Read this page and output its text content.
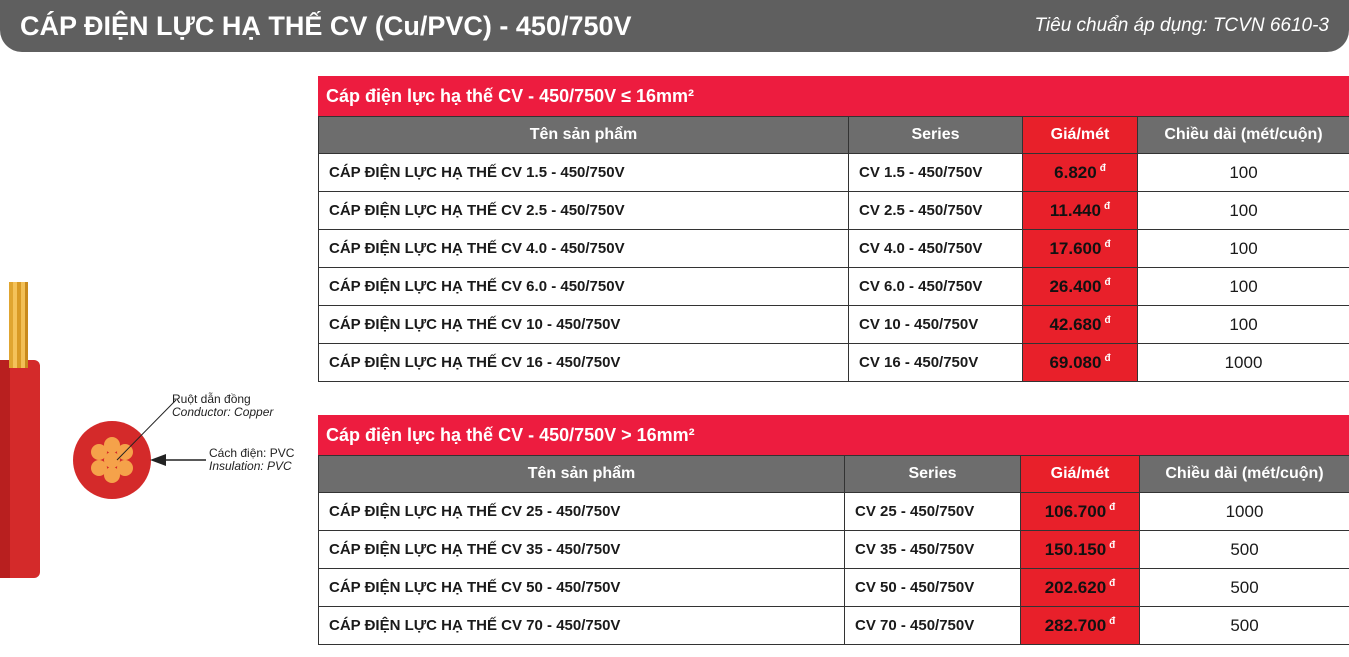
CÁP ĐIỆN LỰC HẠ THẾ CV (Cu/PVC) - 450/750V	Tiêu chuẩn áp dụng: TCVN 6610-3
Ruột dẫn đồng
Conductor: Copper
Cách điện: PVC
Insulation: PVC
Cáp điện lực hạ thế CV - 450/750V ≤ 16mm²
Tên sản phẩm	Series	Giá/mét	Chiều dài (mét/cuộn)
CÁP ĐIỆN LỰC HẠ THẾ CV 1.5 - 450/750V	CV 1.5 - 450/750V	6.820 $^đ$	100
CÁP ĐIỆN LỰC HẠ THẾ CV 2.5 - 450/750V	CV 2.5 - 450/750V	11.440 $^đ$	100
CÁP ĐIỆN LỰC HẠ THẾ CV 4.0 - 450/750V	CV 4.0 - 450/750V	17.600 $^đ$	100
CÁP ĐIỆN LỰC HẠ THẾ CV 6.0 - 450/750V	CV 6.0 - 450/750V	26.400 $^đ$	100
CÁP ĐIỆN LỰC HẠ THẾ CV 10 - 450/750V	CV 10 - 450/750V	42.680 $^đ$	100
CÁP ĐIỆN LỰC HẠ THẾ CV 16 - 450/750V	CV 16 - 450/750V	69.080 $^đ$	1000
Cáp điện lực hạ thế CV - 450/750V > 16mm²
Tên sản phẩm	Series	Giá/mét	Chiều dài (mét/cuộn)
CÁP ĐIỆN LỰC HẠ THẾ CV 25 - 450/750V	CV 25 - 450/750V	106.700 $^đ$	1000
CÁP ĐIỆN LỰC HẠ THẾ CV 35 - 450/750V	CV 35 - 450/750V	150.150 $^đ$	500
CÁP ĐIỆN LỰC HẠ THẾ CV 50 - 450/750V	CV 50 - 450/750V	202.620 $^đ$	500
CÁP ĐIỆN LỰC HẠ THẾ CV 70 - 450/750V	CV 70 - 450/750V	282.700 $^đ$	500
